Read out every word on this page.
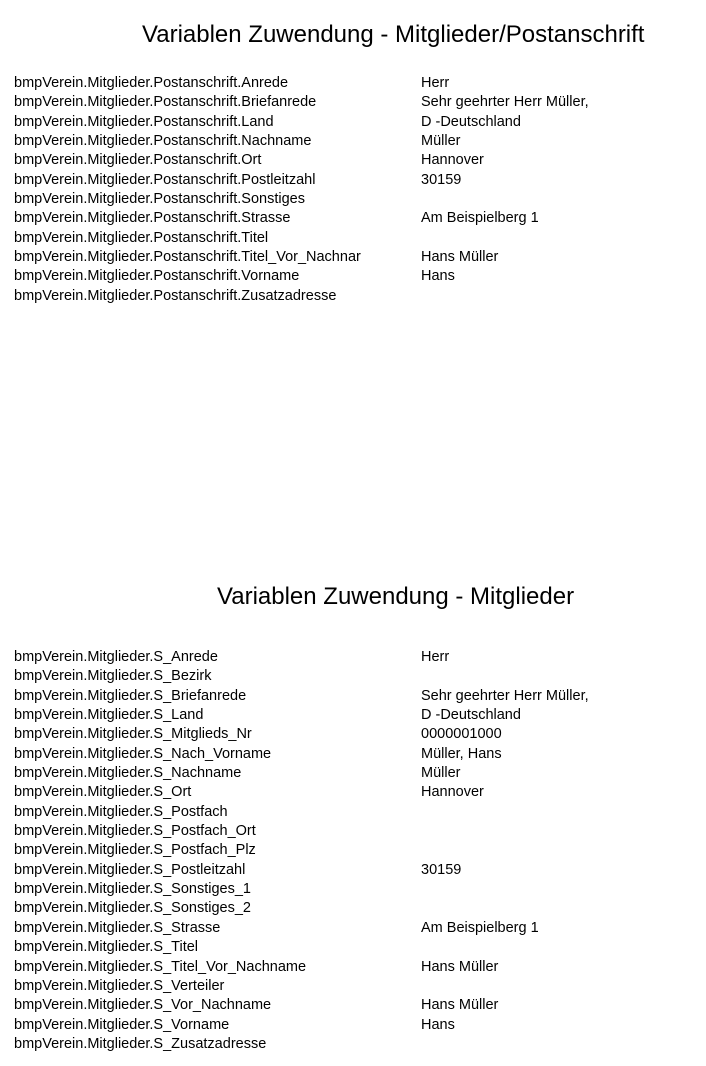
Variablen Zuwendung - Mitglieder/Postanschrift
bmpVerein.Mitglieder.Postanschrift.Anrede	Herr
bmpVerein.Mitglieder.Postanschrift.Briefanrede	Sehr geehrter Herr Müller,
bmpVerein.Mitglieder.Postanschrift.Land	D -Deutschland
bmpVerein.Mitglieder.Postanschrift.Nachname	Müller
bmpVerein.Mitglieder.Postanschrift.Ort	Hannover
bmpVerein.Mitglieder.Postanschrift.Postleitzahl	30159
bmpVerein.Mitglieder.Postanschrift.Sonstiges
bmpVerein.Mitglieder.Postanschrift.Strasse	Am Beispielberg 1
bmpVerein.Mitglieder.Postanschrift.Titel
bmpVerein.Mitglieder.Postanschrift.Titel_Vor_Nachnar	Hans Müller
bmpVerein.Mitglieder.Postanschrift.Vorname	Hans
bmpVerein.Mitglieder.Postanschrift.Zusatzadresse
Variablen Zuwendung - Mitglieder
bmpVerein.Mitglieder.S_Anrede	Herr
bmpVerein.Mitglieder.S_Bezirk
bmpVerein.Mitglieder.S_Briefanrede	Sehr geehrter Herr Müller,
bmpVerein.Mitglieder.S_Land	D -Deutschland
bmpVerein.Mitglieder.S_Mitglieds_Nr	0000001000
bmpVerein.Mitglieder.S_Nach_Vorname	Müller, Hans
bmpVerein.Mitglieder.S_Nachname	Müller
bmpVerein.Mitglieder.S_Ort	Hannover
bmpVerein.Mitglieder.S_Postfach
bmpVerein.Mitglieder.S_Postfach_Ort
bmpVerein.Mitglieder.S_Postfach_Plz
bmpVerein.Mitglieder.S_Postleitzahl	30159
bmpVerein.Mitglieder.S_Sonstiges_1
bmpVerein.Mitglieder.S_Sonstiges_2
bmpVerein.Mitglieder.S_Strasse	Am Beispielberg 1
bmpVerein.Mitglieder.S_Titel
bmpVerein.Mitglieder.S_Titel_Vor_Nachname	Hans Müller
bmpVerein.Mitglieder.S_Verteiler
bmpVerein.Mitglieder.S_Vor_Nachname	Hans Müller
bmpVerein.Mitglieder.S_Vorname	Hans
bmpVerein.Mitglieder.S_Zusatzadresse
